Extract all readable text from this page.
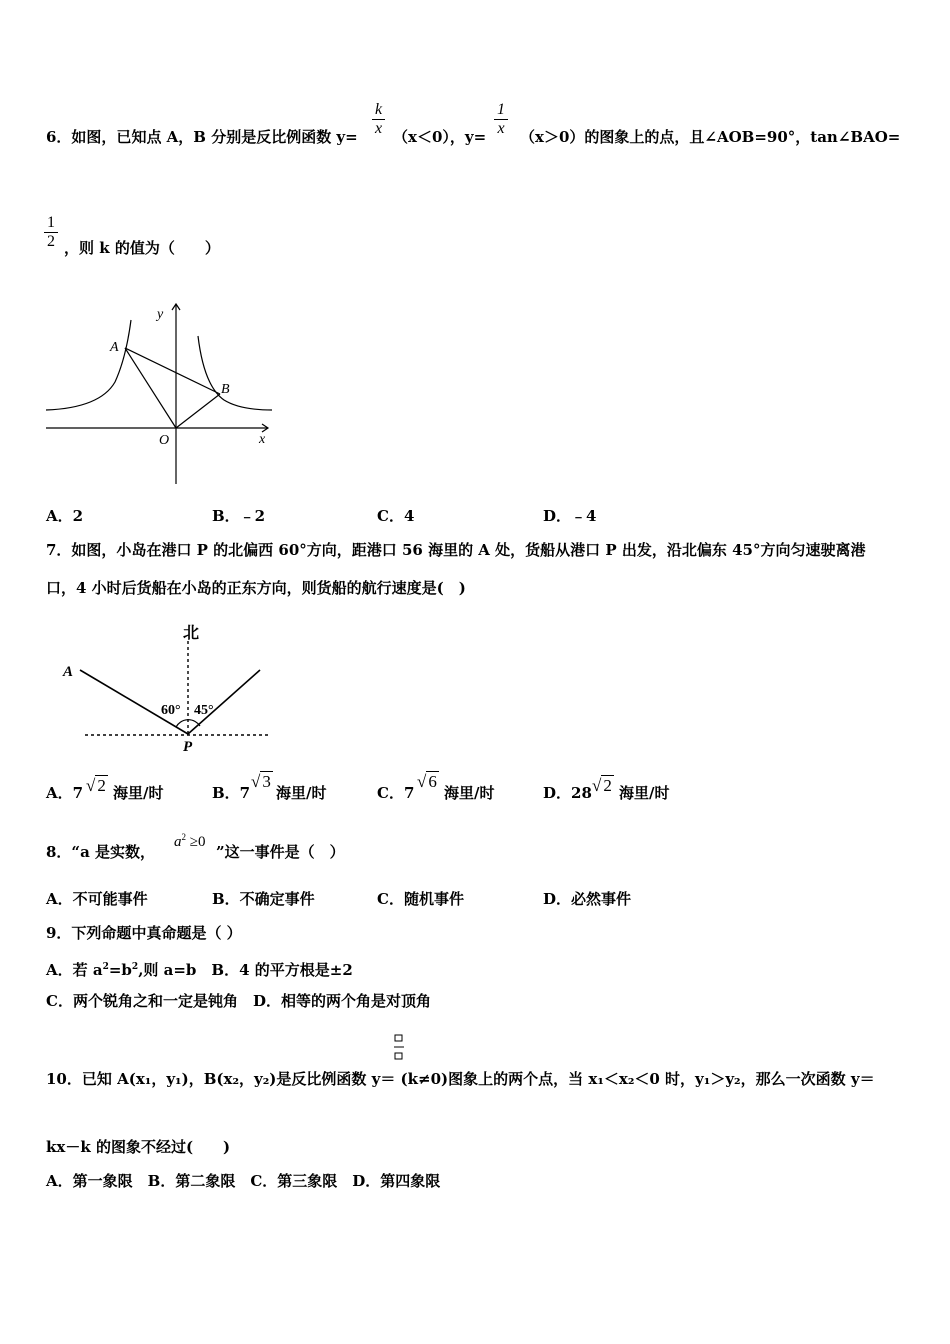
6．如图，已知点 A，B 分别是反比例函数 $y= \frac{k}{x} (x<0)$，$y= \frac{1}{x} (x>0)$的图象上的点，且∠AOB=90°，tan∠BAO=
$\frac{1}{2}$ ，则 k 的值为（　　）
y
x
O
A
B
A．2	B．﹣2	C．4	D．﹣4
7．如图，小岛在港口 P 的北偏西 60°方向，距港口 56 海里的 A 处，货船从港口 P 出发，沿北偏东 45°方向匀速驶离港
口，4 小时后货船在小岛的正东方向，则货船的航行速度是(　)
北
A
60° 45°
P
A．7 √ 2 海里/时	B．7
√ 3
海里/时	C．7
√ 6
海里/时	D．28 √ 2 海里/时
8．“a 是实数，
$a^2 \ge 0$
”这一事件是（　）
A．不可能事件	B．不确定事件	C．随机事件	D．必然事件
9．下列命题中真命题是（ ）
A．若 $a^2=b^2$,则 a=b　B．4 的平方根是±2
C．两个锐角之和一定是钝角　D．相等的两个角是对顶角
10．已知 A(x₁，y₁)，B(x₂，y₂)是反比例函数 y＝ (k≠0)图象上的两个点，当 x₁＜x₂＜0 时，y₁＞y₂，那么一次函数 y＝
kx－k 的图象不经过(　　)
A．第一象限　B．第二象限　C．第三象限　D．第四象限
